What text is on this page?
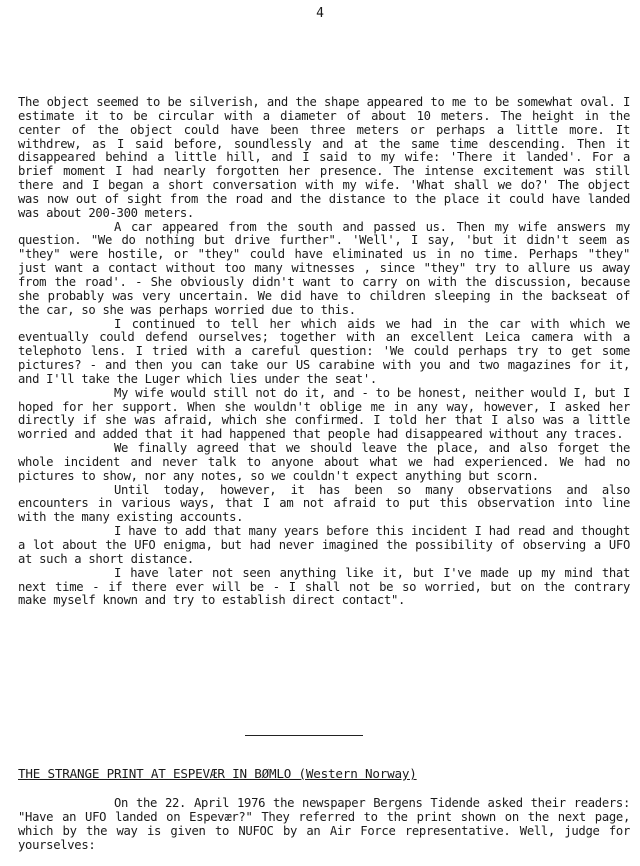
4

The object seemed to be silverish, and the shape appeared to me to be somewhat oval. I estimate it to be circular with a diameter of about 10 meters. The height in the center of the object could have been three meters or perhaps a little more. It withdrew, as I said before, soundlessly and at the same time descending. Then it disappeared behind a little hill, and I said to my wife: 'There it landed'. For a brief moment I had nearly forgotten her presence. The intense excitement was still there and I began a short conversation with my wife. 'What shall we do?' The object was now out of sight from the road and the distance to the place it could have landed was about 200-300 meters.

A car appeared from the south and passed us. Then my wife answers my question. "We do nothing but drive further". 'Well', I say, 'but it didn't seem as "they" were hostile, or "they" could have eliminated us in no time. Perhaps "they" just want a contact without too many witnesses , since "they" try to allure us away from the road'. - She obviously didn't want to carry on with the discussion, because she probably was very uncertain. We did have to children sleeping in the backseat of the car, so she was perhaps worried due to this.

I continued to tell her which aids we had in the car with which we eventually could defend ourselves; together with an excellent Leica camera with a telephoto lens. I tried with a careful question: 'We could perhaps try to get some pictures? - and then you can take our US carabine with you and two magazines for it, and I'll take the Luger which lies under the seat'.

My wife would still not do it, and - to be honest, neither would I, but I hoped for her support. When she wouldn't oblige me in any way, however, I asked her directly if she was afraid, which she confirmed. I told her that I also was a little worried and added that it had happened that people had disappeared without any traces.

We finally agreed that we should leave the place, and also forget the whole incident and never talk to anyone about what we had experienced. We had no pictures to show, nor any notes, so we couldn't expect anything but scorn.

Until today, however, it has been so many observations and also encounters in various ways, that I am not afraid to put this observation into line with the many existing accounts.

I have to add that many years before this incident I had read and thought a lot about the UFO enigma, but had never imagined the possibility of observing a UFO at such a short distance.

I have later not seen anything like it, but I've made up my mind that next time - if there ever will be - I shall not be so worried, but on the contrary make myself known and try to establish direct contact".

THE STRANGE PRINT AT ESPEVÆR IN BØMLO (Western Norway)

On the 22. April 1976 the newspaper Bergens Tidende asked their readers: "Have an UFO landed on Espevær?" They referred to the print shown on the next page, which by the way is given to NUFOC by an Air Force representative. Well, judge for yourselves:
